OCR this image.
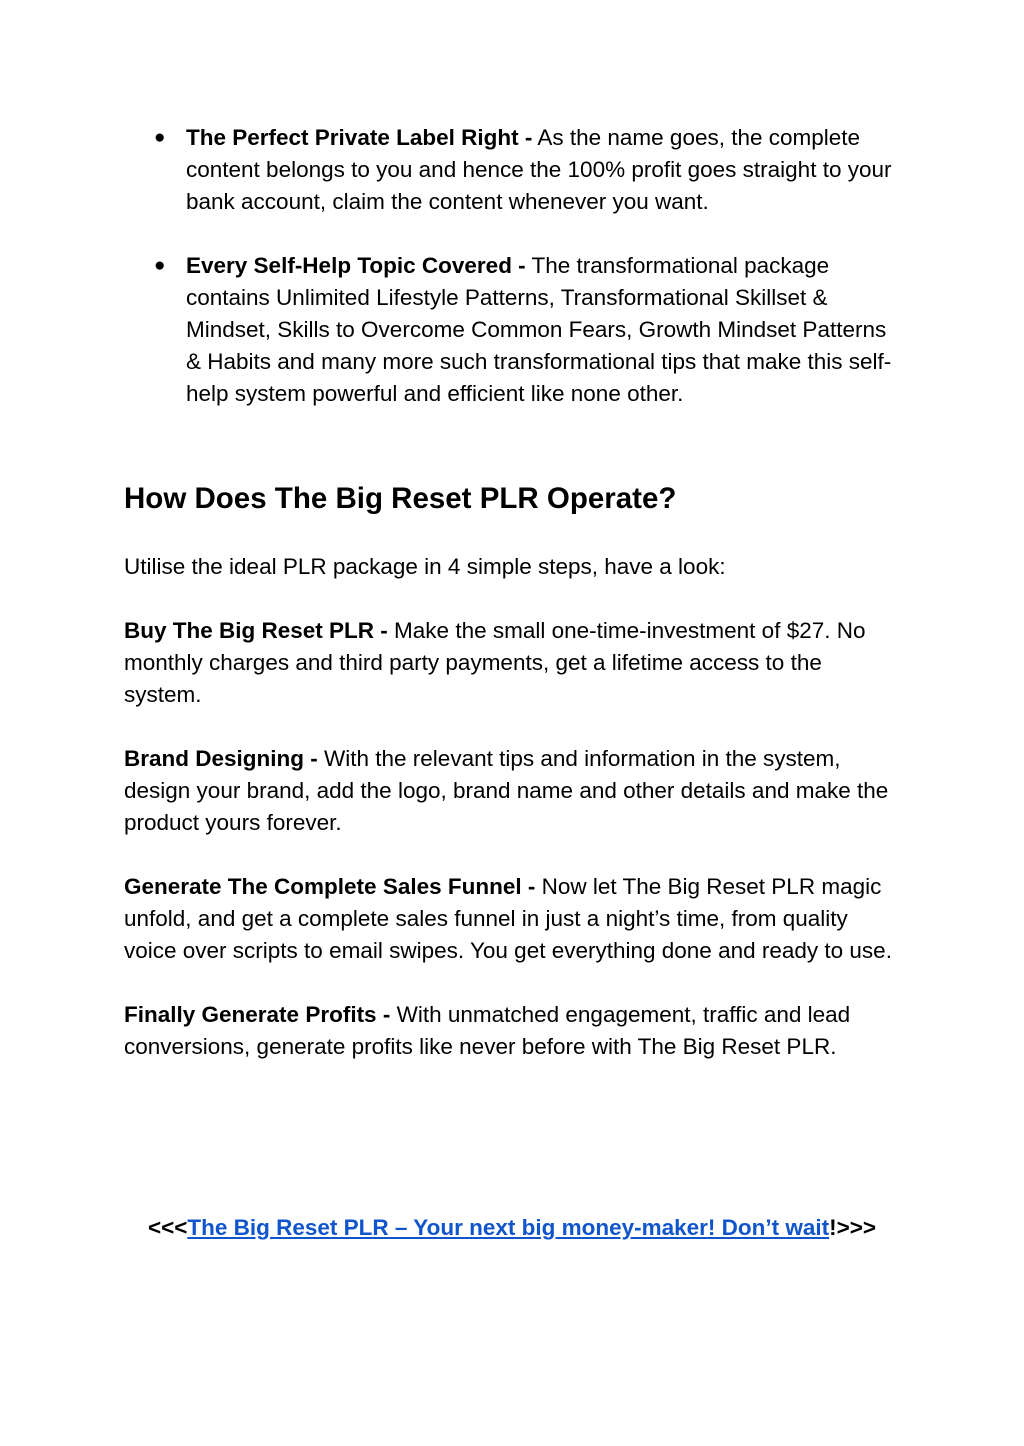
● The Perfect Private Label Right - As the name goes, the complete content belongs to you and hence the 100% profit goes straight to your bank account, claim the content whenever you want.
● Every Self-Help Topic Covered - The transformational package contains Unlimited Lifestyle Patterns, Transformational Skillset & Mindset, Skills to Overcome Common Fears, Growth Mindset Patterns & Habits and many more such transformational tips that make this self-help system powerful and efficient like none other.
How Does The Big Reset PLR Operate?

Utilise the ideal PLR package in 4 simple steps, have a look:

Buy The Big Reset PLR - Make the small one-time-investment of $27. No monthly charges and third party payments, get a lifetime access to the system.

Brand Designing - With the relevant tips and information in the system, design your brand, add the logo, brand name and other details and make the product yours forever.

Generate The Complete Sales Funnel - Now let The Big Reset PLR magic unfold, and get a complete sales funnel in just a night’s time, from quality voice over scripts to email swipes. You get everything done and ready to use.

Finally Generate Profits - With unmatched engagement, traffic and lead conversions, generate profits like never before with The Big Reset PLR.

<<<The Big Reset PLR – Your next big money-maker! Don’t wait!>>>
